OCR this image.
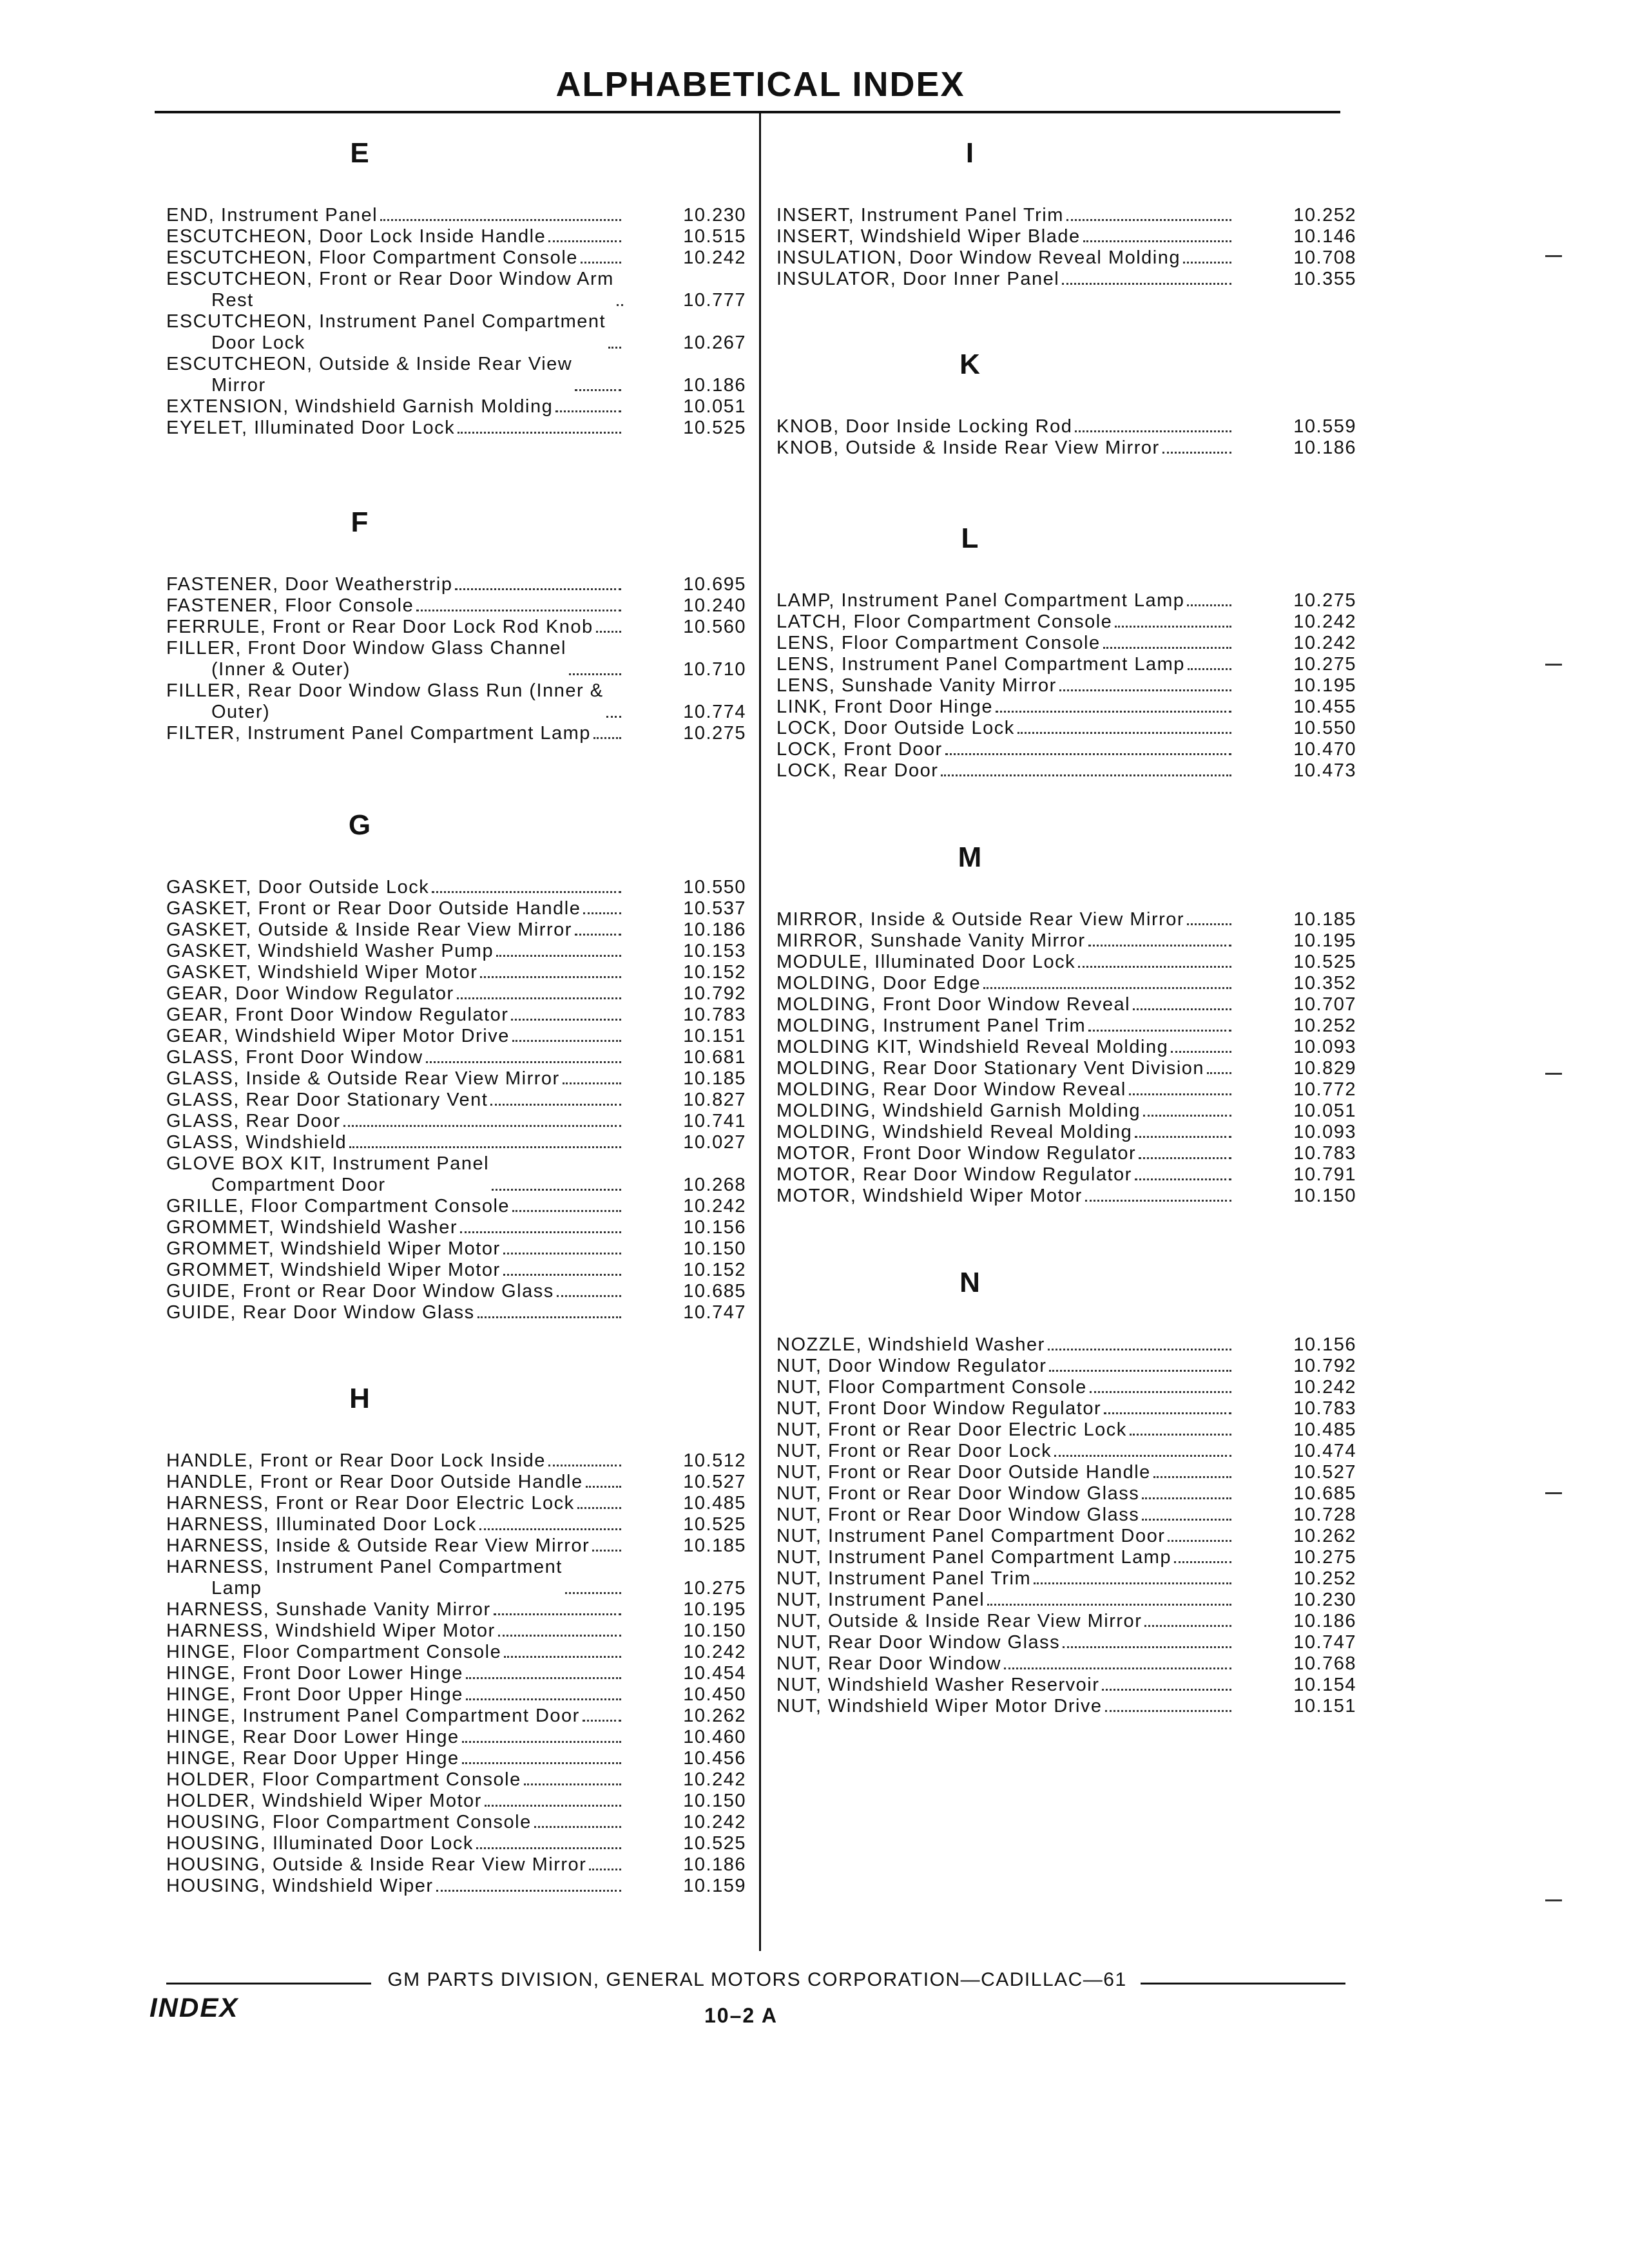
ALPHABETICAL INDEX
E
END, Instrument Panel	10.230
ESCUTCHEON, Door Lock Inside Handle	10.515
ESCUTCHEON, Floor Compartment Console	10.242
ESCUTCHEON, Front or Rear Door Window Arm
Rest	10.777
ESCUTCHEON, Instrument Panel Compartment
Door Lock	10.267
ESCUTCHEON, Outside & Inside Rear View
Mirror	10.186
EXTENSION, Windshield Garnish Molding	10.051
EYELET, Illuminated Door Lock	10.525
F
FASTENER, Door Weatherstrip	10.695
FASTENER, Floor Console	10.240
FERRULE, Front or Rear Door Lock Rod Knob	10.560
FILLER, Front Door Window Glass Channel
(Inner & Outer)	10.710
FILLER, Rear Door Window Glass Run (Inner &
Outer)	10.774
FILTER, Instrument Panel Compartment Lamp	10.275
G
GASKET, Door Outside Lock	10.550
GASKET, Front or Rear Door Outside Handle	10.537
GASKET, Outside & Inside Rear View Mirror	10.186
GASKET, Windshield Washer Pump	10.153
GASKET, Windshield Wiper Motor	10.152
GEAR, Door Window Regulator	10.792
GEAR, Front Door Window Regulator	10.783
GEAR, Windshield Wiper Motor Drive	10.151
GLASS, Front Door Window	10.681
GLASS, Inside & Outside Rear View Mirror	10.185
GLASS, Rear Door Stationary Vent	10.827
GLASS, Rear Door	10.741
GLASS, Windshield	10.027
GLOVE BOX KIT, Instrument Panel
Compartment Door	10.268
GRILLE, Floor Compartment Console	10.242
GROMMET, Windshield Washer	10.156
GROMMET, Windshield Wiper Motor	10.150
GROMMET, Windshield Wiper Motor	10.152
GUIDE, Front or Rear Door Window Glass	10.685
GUIDE, Rear Door Window Glass	10.747
H
HANDLE, Front or Rear Door Lock Inside	10.512
HANDLE, Front or Rear Door Outside Handle	10.527
HARNESS, Front or Rear Door Electric Lock	10.485
HARNESS, Illuminated Door Lock	10.525
HARNESS, Inside & Outside Rear View Mirror	10.185
HARNESS, Instrument Panel Compartment
Lamp	10.275
HARNESS, Sunshade Vanity Mirror	10.195
HARNESS, Windshield Wiper Motor	10.150
HINGE, Floor Compartment Console	10.242
HINGE, Front Door Lower Hinge	10.454
HINGE, Front Door Upper Hinge	10.450
HINGE, Instrument Panel Compartment Door	10.262
HINGE, Rear Door Lower Hinge	10.460
HINGE, Rear Door Upper Hinge	10.456
HOLDER, Floor Compartment Console	10.242
HOLDER, Windshield Wiper Motor	10.150
HOUSING, Floor Compartment Console	10.242
HOUSING, Illuminated Door Lock	10.525
HOUSING, Outside & Inside Rear View Mirror	10.186
HOUSING, Windshield Wiper	10.159
I
INSERT, Instrument Panel Trim	10.252
INSERT, Windshield Wiper Blade	10.146
INSULATION, Door Window Reveal Molding	10.708
INSULATOR, Door Inner Panel	10.355
K
KNOB, Door Inside Locking Rod	10.559
KNOB, Outside & Inside Rear View Mirror	10.186
L
LAMP, Instrument Panel Compartment Lamp	10.275
LATCH, Floor Compartment Console	10.242
LENS, Floor Compartment Console	10.242
LENS, Instrument Panel Compartment Lamp	10.275
LENS, Sunshade Vanity Mirror	10.195
LINK, Front Door Hinge	10.455
LOCK, Door Outside Lock	10.550
LOCK, Front Door	10.470
LOCK, Rear Door	10.473
M
MIRROR, Inside & Outside Rear View Mirror	10.185
MIRROR, Sunshade Vanity Mirror	10.195
MODULE, Illuminated Door Lock	10.525
MOLDING, Door Edge	10.352
MOLDING, Front Door Window Reveal	10.707
MOLDING, Instrument Panel Trim	10.252
MOLDING KIT, Windshield Reveal Molding	10.093
MOLDING, Rear Door Stationary Vent Division	10.829
MOLDING, Rear Door Window Reveal	10.772
MOLDING, Windshield Garnish Molding	10.051
MOLDING, Windshield Reveal Molding	10.093
MOTOR, Front Door Window Regulator	10.783
MOTOR, Rear Door Window Regulator	10.791
MOTOR, Windshield Wiper Motor	10.150
N
NOZZLE, Windshield Washer	10.156
NUT, Door Window Regulator	10.792
NUT, Floor Compartment Console	10.242
NUT, Front Door Window Regulator	10.783
NUT, Front or Rear Door Electric Lock	10.485
NUT, Front or Rear Door Lock	10.474
NUT, Front or Rear Door Outside Handle	10.527
NUT, Front or Rear Door Window Glass	10.685
NUT, Front or Rear Door Window Glass	10.728
NUT, Instrument Panel Compartment Door	10.262
NUT, Instrument Panel Compartment Lamp	10.275
NUT, Instrument Panel Trim	10.252
NUT, Instrument Panel	10.230
NUT, Outside & Inside Rear View Mirror	10.186
NUT, Rear Door Window Glass	10.747
NUT, Rear Door Window	10.768
NUT, Windshield Washer Reservoir	10.154
NUT, Windshield Wiper Motor Drive	10.151
GM PARTS DIVISION, GENERAL MOTORS CORPORATION—CADILLAC—61
INDEX	10–2 A
